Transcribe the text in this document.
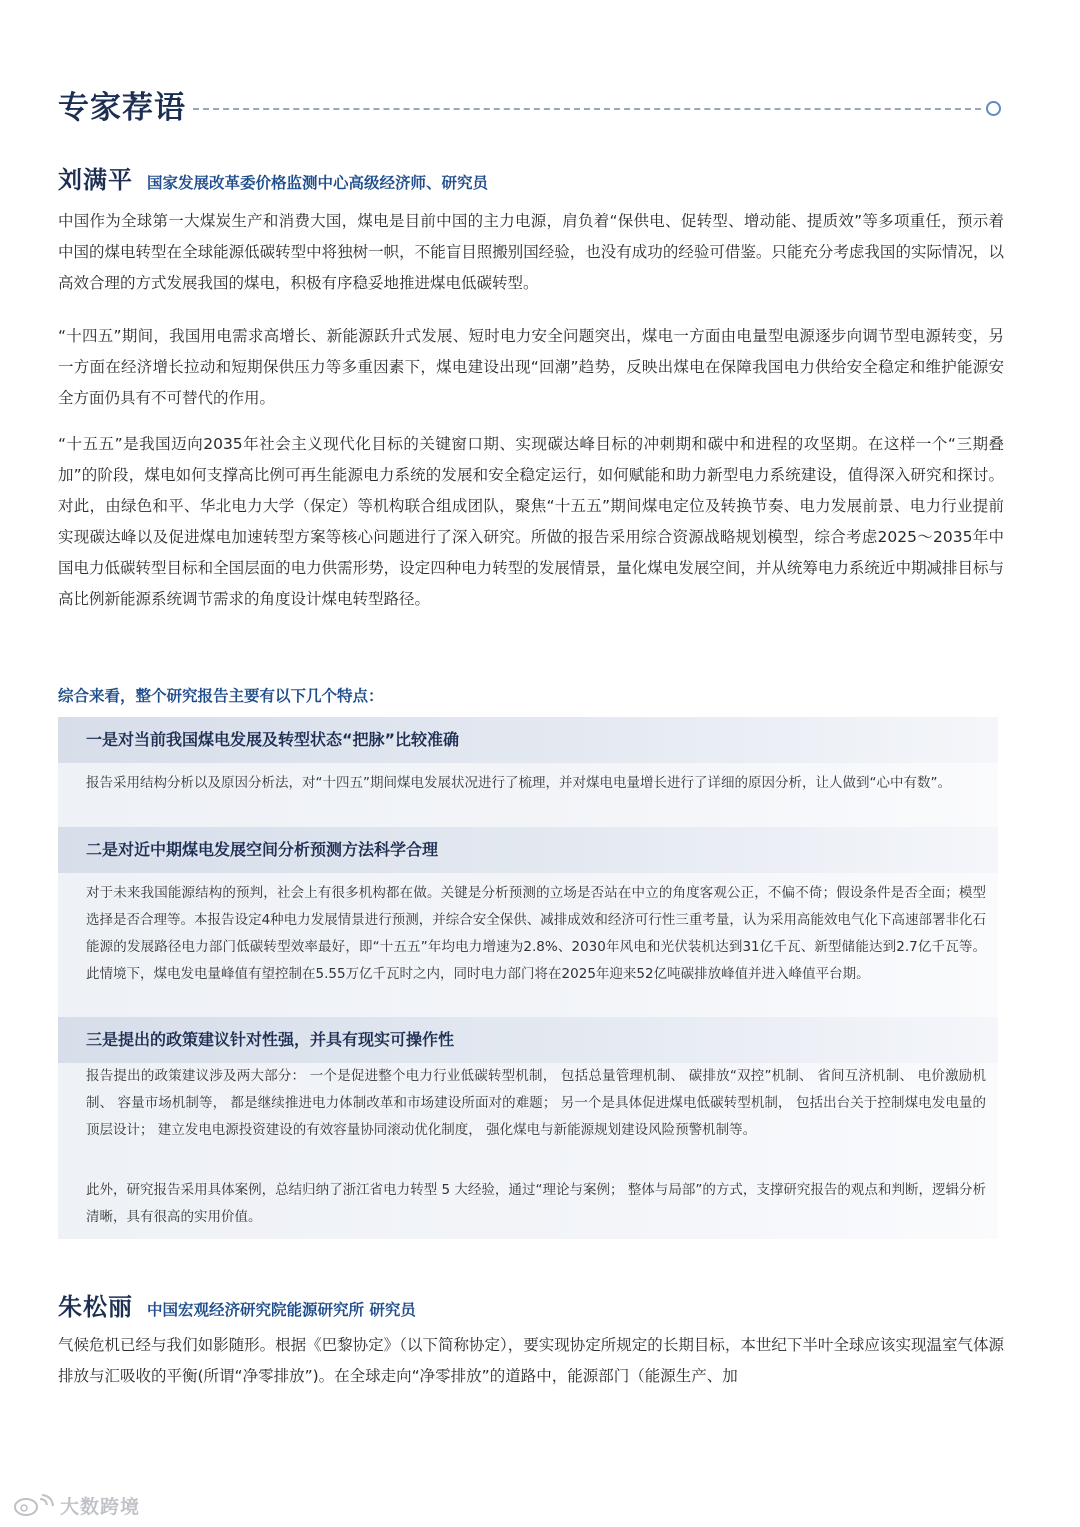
专家荐语
刘满平 国家发展改革委价格监测中心高级经济师、研究员

中国作为全球第一大煤炭生产和消费大国，煤电是目前中国的主力电源，肩负着“保供电、促转型、增动能、提质效”等多项重任，预示着中国的煤电转型在全球能源低碳转型中将独树一帜，不能盲目照搬别国经验，也没有成功的经验可借鉴。只能充分考虑我国的实际情况，以高效合理的方式发展我国的煤电，积极有序稳妥地推进煤电低碳转型。

“十四五”期间，我国用电需求高增长、新能源跃升式发展、短时电力安全问题突出，煤电一方面由电量型电源逐步向调节型电源转变，另一方面在经济增长拉动和短期保供压力等多重因素下，煤电建设出现“回潮”趋势，反映出煤电在保障我国电力供给安全稳定和维护能源安全方面仍具有不可替代的作用。

“十五五”是我国迈向2035年社会主义现代化目标的关键窗口期、实现碳达峰目标的冲刺期和碳中和进程的攻坚期。在这样一个“三期叠加”的阶段，煤电如何支撑高比例可再生能源电力系统的发展和安全稳定运行，如何赋能和助力新型电力系统建设，值得深入研究和探讨。对此，由绿色和平、华北电力大学（保定）等机构联合组成团队，聚焦“十五五”期间煤电定位及转换节奏、电力发展前景、电力行业提前实现碳达峰以及促进煤电加速转型方案等核心问题进行了深入研究。所做的报告采用综合资源战略规划模型，综合考虑2025～2035年中国电力低碳转型目标和全国层面的电力供需形势，设定四种电力转型的发展情景，量化煤电发展空间，并从统筹电力系统近中期减排目标与高比例新能源系统调节需求的角度设计煤电转型路径。

综合来看，整个研究报告主要有以下几个特点：
一是对当前我国煤电发展及转型状态“把脉”比较准确

报告采用结构分析以及原因分析法，对“十四五”期间煤电发展状况进行了梳理，并对煤电电量增长进行了详细的原因分析，让人做到“心中有数”。

二是对近中期煤电发展空间分析预测方法科学合理

对于未来我国能源结构的预判，社会上有很多机构都在做。关键是分析预测的立场是否站在中立的角度客观公正，不偏不倚；假设条件是否全面；模型选择是否合理等。本报告设定4种电力发展情景进行预测，并综合安全保供、减排成效和经济可行性三重考量，认为采用高能效电气化下高速部署非化石能源的发展路径电力部门低碳转型效率最好，即“十五五”年均电力增速为2.8%、2030年风电和光伏装机达到31亿千瓦、新型储能达到2.7亿千瓦等。此情境下，煤电发电量峰值有望控制在5.55万亿千瓦时之内，同时电力部门将在2025年迎来52亿吨碳排放峰值并进入峰值平台期。

三是提出的政策建议针对性强，并具有现实可操作性

报告提出的政策建议涉及两大部分： 一个是促进整个电力行业低碳转型机制， 包括总量管理机制、 碳排放“双控”机制、 省间互济机制、 电价激励机制、 容量市场机制等， 都是继续推进电力体制改革和市场建设所面对的难题； 另一个是具体促进煤电低碳转型机制， 包括出台关于控制煤电发电量的顶层设计； 建立发电电源投资建设的有效容量协同滚动优化制度， 强化煤电与新能源规划建设风险预警机制等。

此外，研究报告采用具体案例，总结归纳了浙江省电力转型 5 大经验，通过“理论与案例； 整体与局部”的方式，支撑研究报告的观点和判断，逻辑分析清晰，具有很高的实用价值。

朱松丽 中国宏观经济研究院能源研究所 研究员

气候危机已经与我们如影随形。根据《巴黎协定》（以下简称协定），要实现协定所规定的长期目标，本世纪下半叶全球应该实现温室气体源排放与汇吸收的平衡(所谓“净零排放”)。在全球走向“净零排放”的道路中，能源部门（能源生产、加

大数跨境
